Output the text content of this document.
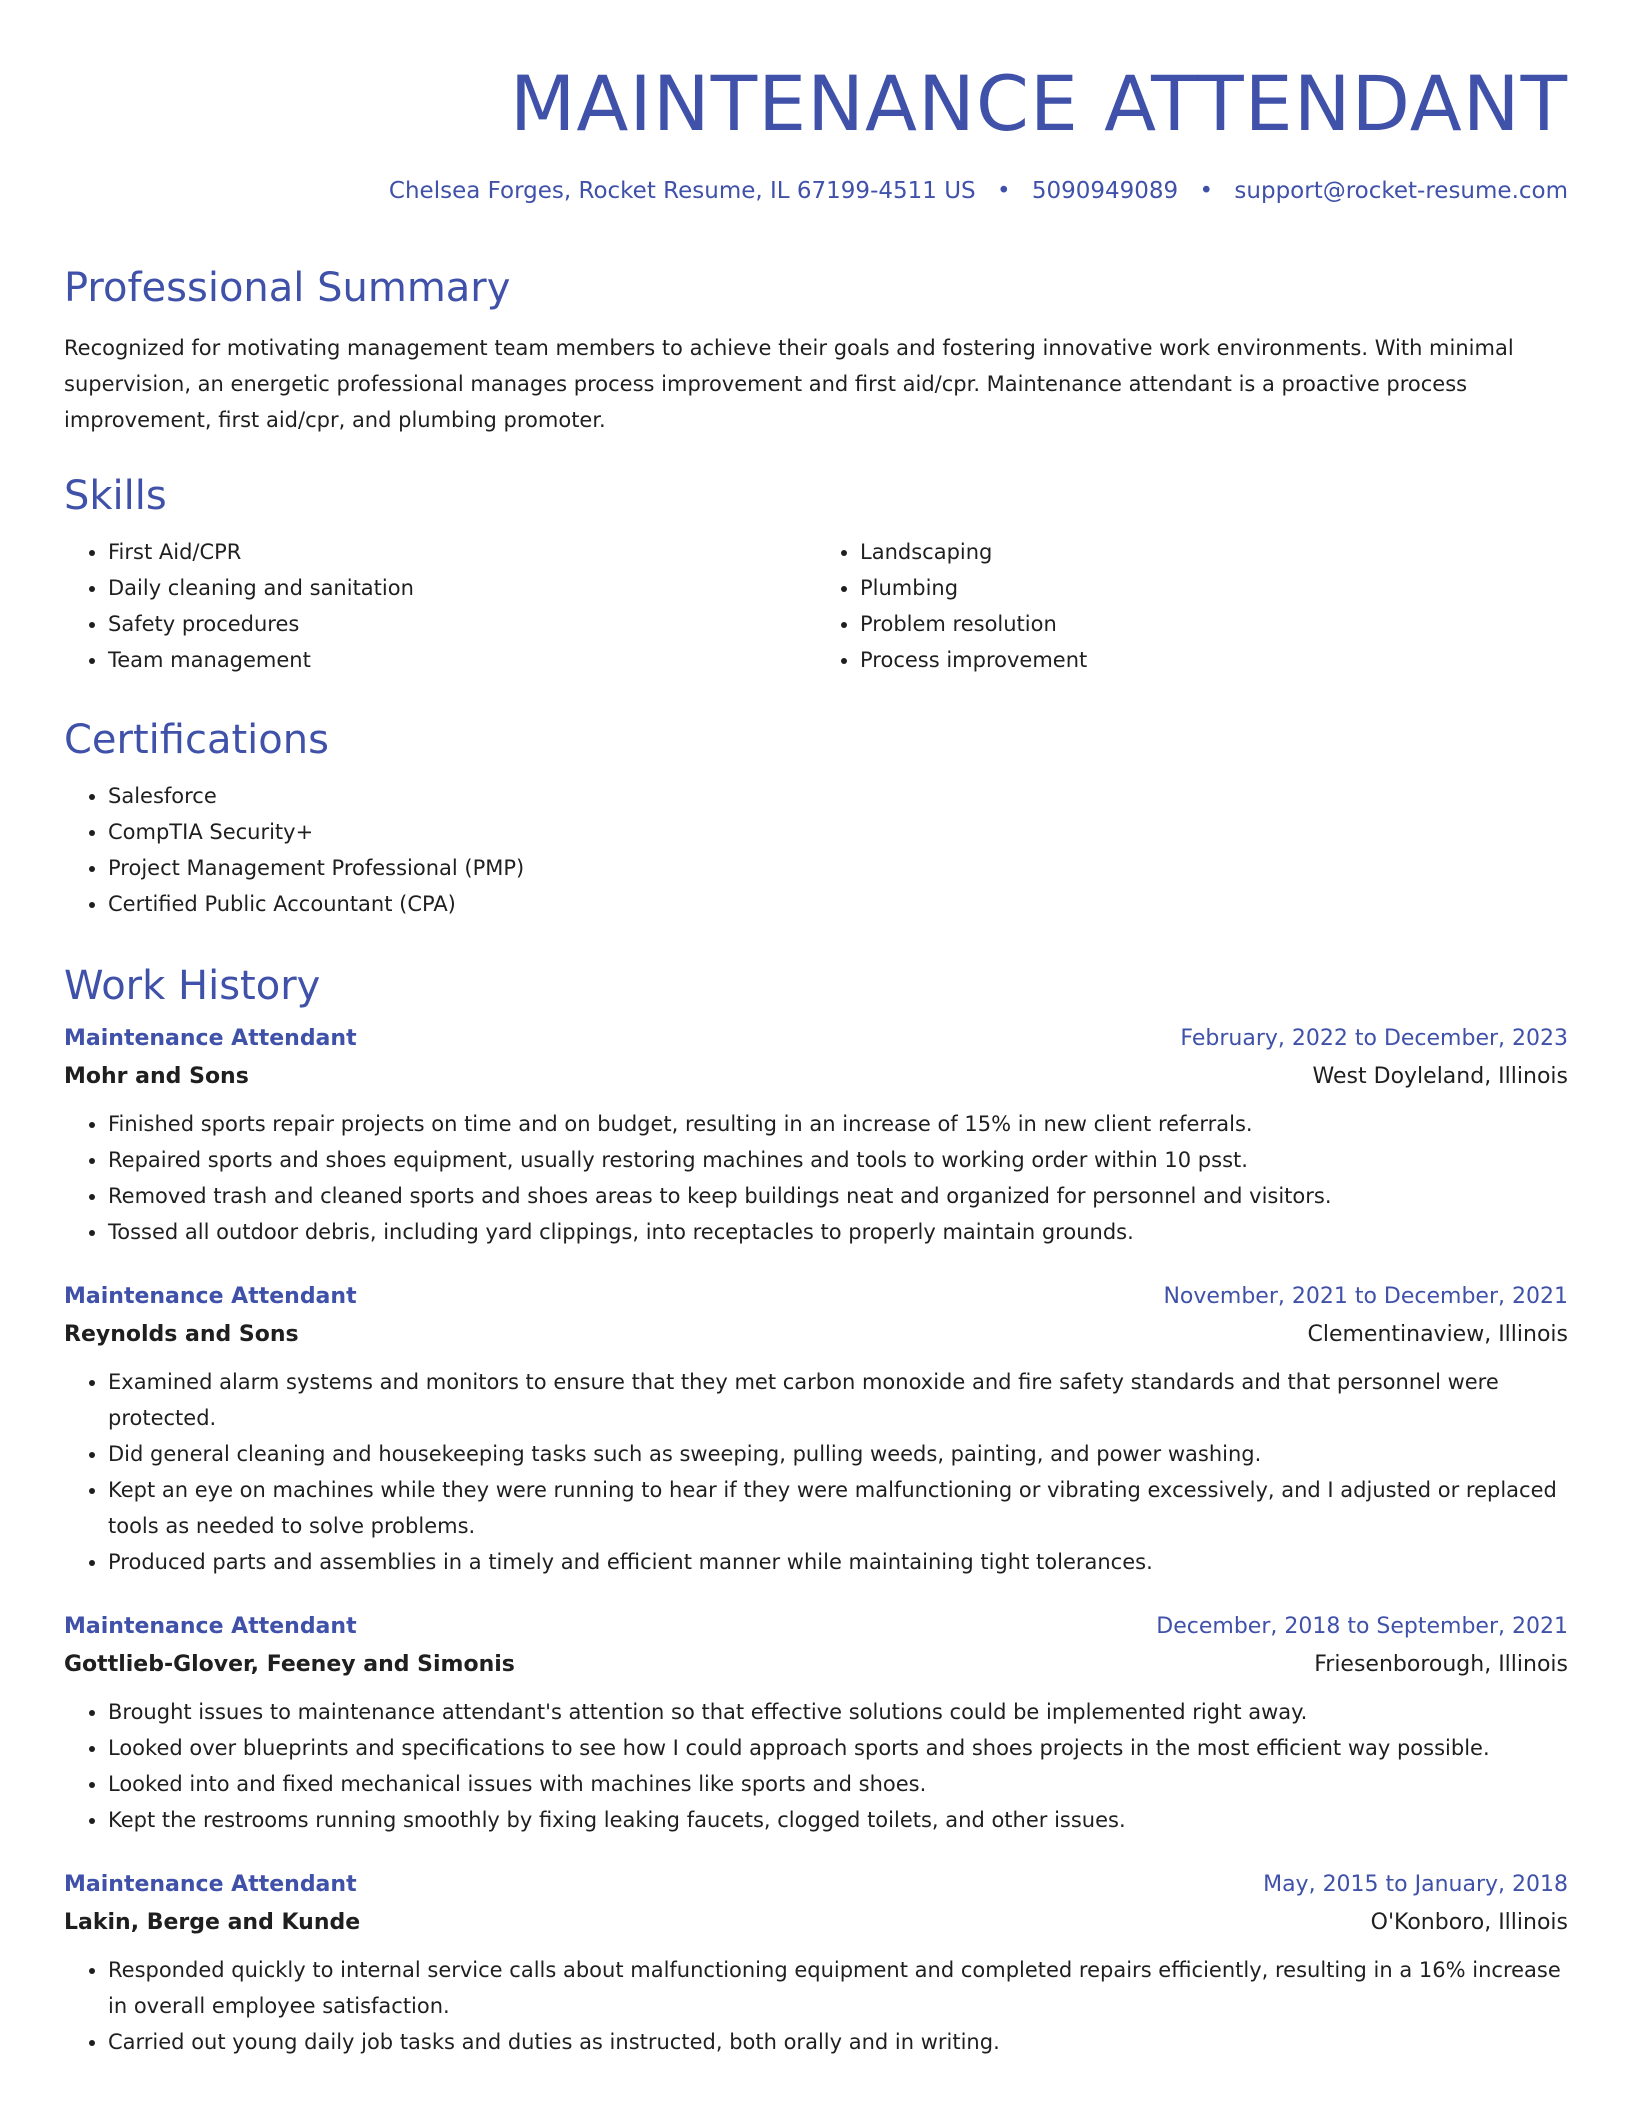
MAINTENANCE ATTENDANT
Chelsea Forges, Rocket Resume, IL 67199-4511 US • 5090949089 • support@rocket-resume.com
Professional Summary

Recognized for motivating management team members to achieve their goals and fostering innovative work environments. With minimal supervision, an energetic professional manages process improvement and first aid/cpr. Maintenance attendant is a proactive process improvement, first aid/cpr, and plumbing promoter.

Skills
• First Aid/CPR
• Daily cleaning and sanitation
• Safety procedures
• Team management
• Landscaping
• Plumbing
• Problem resolution
• Process improvement
Certifications
• Salesforce
• CompTIA Security+
• Project Management Professional (PMP)
• Certified Public Accountant (CPA)
Work History
Maintenance Attendant	February, 2022 to December, 2023
Mohr and Sons	West Doyleland, Illinois
• Finished sports repair projects on time and on budget, resulting in an increase of 15% in new client referrals.
• Repaired sports and shoes equipment, usually restoring machines and tools to working order within 10 psst.
• Removed trash and cleaned sports and shoes areas to keep buildings neat and organized for personnel and visitors.
• Tossed all outdoor debris, including yard clippings, into receptacles to properly maintain grounds.
Maintenance Attendant	November, 2021 to December, 2021
Reynolds and Sons	Clementinaview, Illinois
• Examined alarm systems and monitors to ensure that they met carbon monoxide and fire safety standards and that personnel were protected.
• Did general cleaning and housekeeping tasks such as sweeping, pulling weeds, painting, and power washing.
• Kept an eye on machines while they were running to hear if they were malfunctioning or vibrating excessively, and I adjusted or replaced tools as needed to solve problems.
• Produced parts and assemblies in a timely and efficient manner while maintaining tight tolerances.
Maintenance Attendant	December, 2018 to September, 2021
Gottlieb-Glover, Feeney and Simonis	Friesenborough, Illinois
• Brought issues to maintenance attendant's attention so that effective solutions could be implemented right away.
• Looked over blueprints and specifications to see how I could approach sports and shoes projects in the most efficient way possible.
• Looked into and fixed mechanical issues with machines like sports and shoes.
• Kept the restrooms running smoothly by fixing leaking faucets, clogged toilets, and other issues.
Maintenance Attendant	May, 2015 to January, 2018
Lakin, Berge and Kunde	O'Konboro, Illinois
• Responded quickly to internal service calls about malfunctioning equipment and completed repairs efficiently, resulting in a 16% increase in overall employee satisfaction.
• Carried out young daily job tasks and duties as instructed, both orally and in writing.
